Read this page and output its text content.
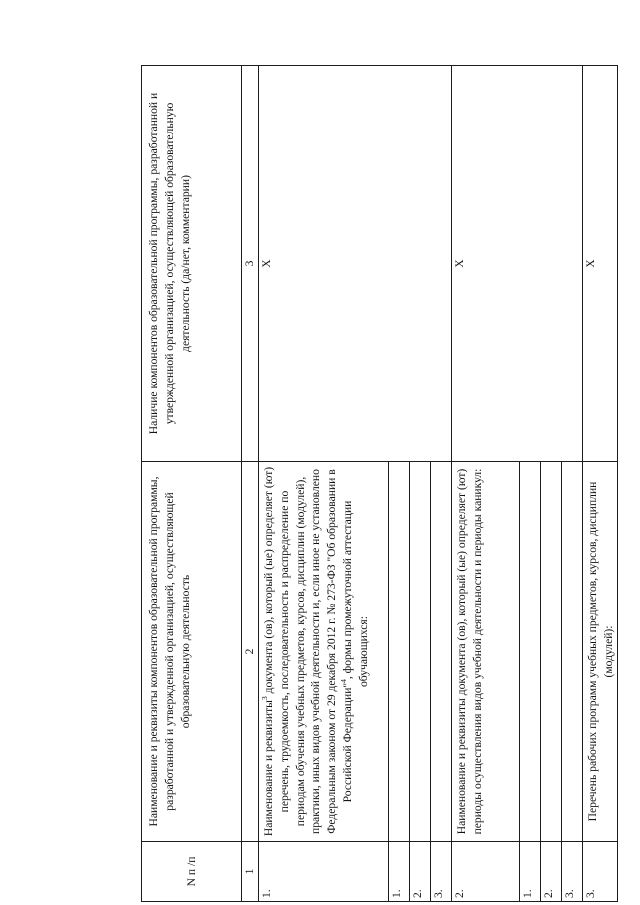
N п /п	Наименование и реквизиты компонентов образовательной программы, разработанной и утвержденной организацией, осуществляющей образовательную деятельность	Наличие компонентов образовательной программы, разработанной и утвержденной организацией, осуществляющей образовательную деятельность (да/нет, комментарии)
1	2	3
1.	Наименование и реквизиты$^3$ документа (ов), который (ые) определяет (ют) перечень, трудоемкость, последовательность и распределение по периодам обучения учебных предметов, курсов, дисциплин (модулей), практики, иных видов учебной деятельности и, если иное не установлено Федеральным законом от 29 декабря 2012 г. № 273-ФЗ "Об образовании в Российской Федерации"$^4$, формы промежуточной аттестации обучающихся:	X
1.		
2.		
3.		
2.	Наименование и реквизиты документа (ов), который (ые) определяет (ют) периоды осуществления видов учебной деятельности и периоды каникул:	X
1.		
2.		
3.		
3.	Перечень рабочих программ учебных предметов, курсов, дисциплин (модулей):	X
